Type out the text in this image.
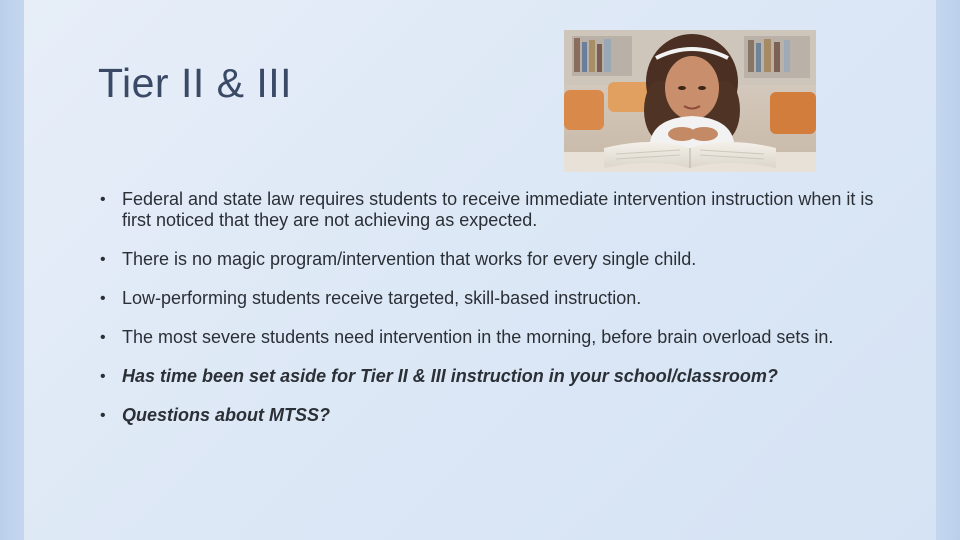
Tier II & III
• Federal and state law requires students to receive immediate intervention instruction when it is first noticed that they are not achieving as expected.
• There is no magic program/intervention that works for every single child.
• Low-performing students receive targeted, skill-based instruction.
• The most severe students need intervention in the morning, before brain overload sets in.
• Has time been set aside for Tier II & III instruction in your school/classroom?
• Questions about MTSS?
